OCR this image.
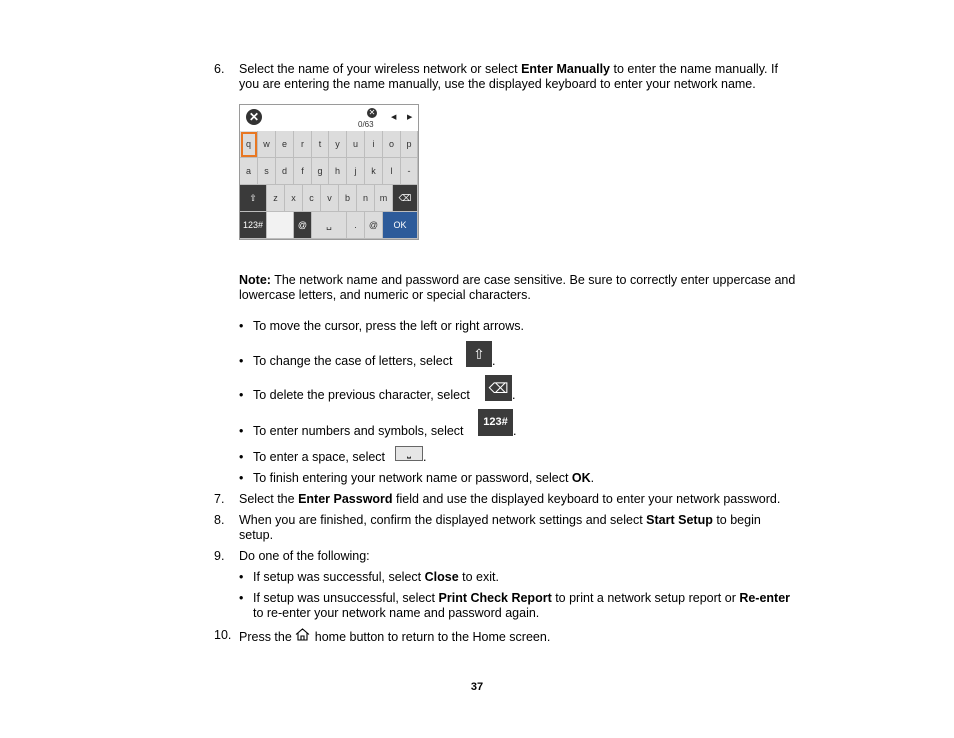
6. Select the name of your wireless network or select Enter Manually to enter the name manually. If
you are entering the name manually, use the displayed keyboard to enter your network name.
✕	✕
0/63
◀ ▶
q	w	e	r	t	y	u	i	o	p
a	s	d	f	g	h	j	k	l	-
⇧	z	x	c	v	b	n	m	⌫
123#	@	␣	.	@	OK
Note: The network name and password are case sensitive. Be sure to correctly enter uppercase and
lowercase letters, and numeric or special characters.
• To move the cursor, press the left or right arrows.
• To change the case of letters, select	⇧ .
• To delete the previous character, select ⌫ .
• To enter numbers and symbols, select
123#
.
• To enter a space, select	⎵ .
• To finish entering your network name or password, select OK.
7. Select the Enter Password field and use the displayed keyboard to enter your network password.
8. When you are finished, confirm the displayed network settings and select Start Setup to begin
setup.
9. Do one of the following:
• If setup was successful, select Close to exit.
• If setup was unsuccessful, select Print Check Report to print a network setup report or Re-enter
to re-enter your network name and password again.
10. Press the  home button to return to the Home screen.
37
